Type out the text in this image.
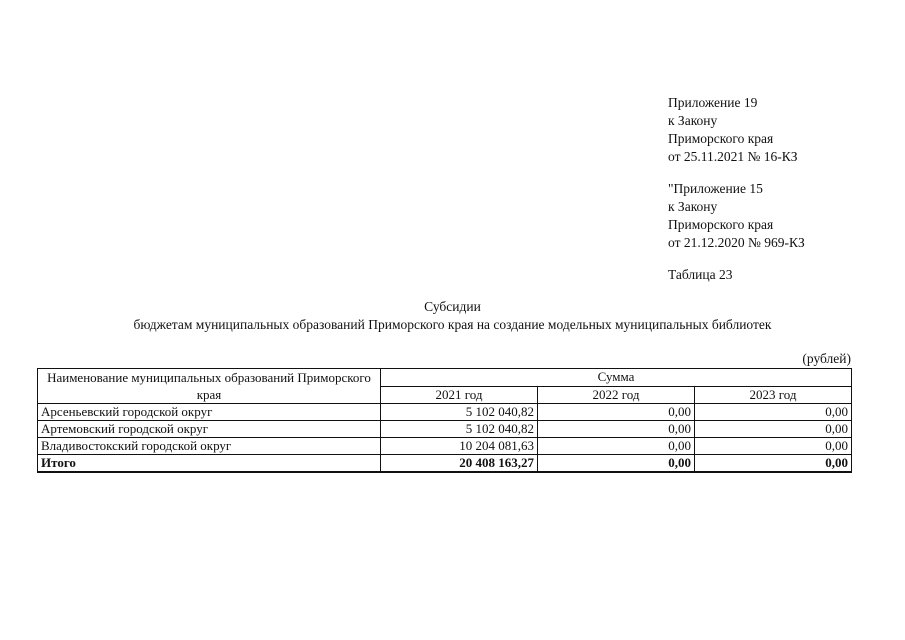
Приложение 19
к Закону
Приморского края
от 25.11.2021 № 16-КЗ
"Приложение 15
к Закону
Приморского края
от 21.12.2020 № 969-КЗ
Таблица 23
Субсидии
бюджетам муниципальных образований Приморского края на создание модельных муниципальных библиотек
(рублей)
Наименование муниципальных образований Приморского края	Сумма		
	2021 год	2022 год	2023 год
Арсеньевский городской округ	5 102 040,82	0,00	0,00
Артемовский городской округ	5 102 040,82	0,00	0,00
Владивостокский городской округ	10 204 081,63	0,00	0,00
Итого	20 408 163,27	0,00	0,00
